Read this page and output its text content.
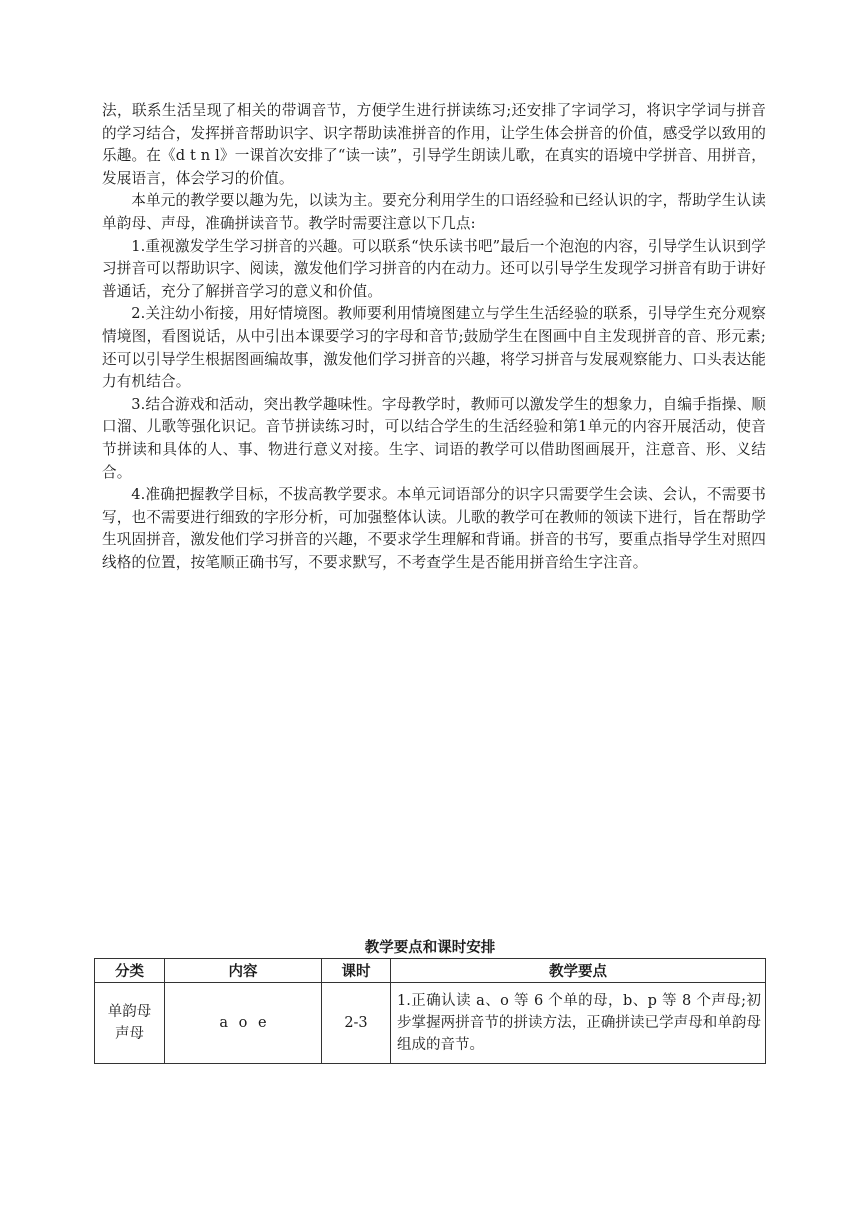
法，联系生活呈现了相关的带调音节，方便学生进行拼读练习;还安排了字词学习，将识字学词与拼音的学习结合，发挥拼音帮助识字、识字帮助读准拼音的作用，让学生体会拼音的价值，感受学以致用的乐趣。在《d t n l》一课首次安排了“读一读”，引导学生朗读儿歌，在真实的语境中学拼音、用拼音，发展语言，体会学习的价值。

本单元的教学要以趣为先，以读为主。要充分利用学生的口语经验和已经认识的字，帮助学生认读单韵母、声母，准确拼读音节。教学时需要注意以下几点:

1.重视激发学生学习拼音的兴趣。可以联系“快乐读书吧”最后一个泡泡的内容，引导学生认识到学习拼音可以帮助识字、阅读，激发他们学习拼音的内在动力。还可以引导学生发现学习拼音有助于讲好普通话，充分了解拼音学习的意义和价值。

2.关注幼小衔接，用好情境图。教师要利用情境图建立与学生生活经验的联系，引导学生充分观察情境图，看图说话，从中引出本课要学习的字母和音节;鼓励学生在图画中自主发现拼音的音、形元素;还可以引导学生根据图画编故事，激发他们学习拼音的兴趣，将学习拼音与发展观察能力、口头表达能力有机结合。

3.结合游戏和活动，突出教学趣味性。字母教学时，教师可以激发学生的想象力，自编手指操、顺口溜、儿歌等强化识记。音节拼读练习时，可以结合学生的生活经验和第1单元的内容开展活动，使音节拼读和具体的人、事、物进行意义对接。生字、词语的教学可以借助图画展开，注意音、形、义结合。

4.准确把握教学目标，不拔高教学要求。本单元词语部分的识字只需要学生会读、会认，不需要书写，也不需要进行细致的字形分析，可加强整体认读。儿歌的教学可在教师的领读下进行，旨在帮助学生巩固拼音，激发他们学习拼音的兴趣，不要求学生理解和背诵。拼音的书写，要重点指导学生对照四线格的位置，按笔顺正确书写，不要求默写，不考查学生是否能用拼音给生字注音。

教学要点和课时安排
分类	内容	课时	教学要点

单韵母
声母	a o e	2-3	1.正确认读 a、o 等 6 个单的母，b、p 等 8 个声母;初步掌握两拼音节的拼读方法，正确拼读已学声母和单韵母组成的音节。
